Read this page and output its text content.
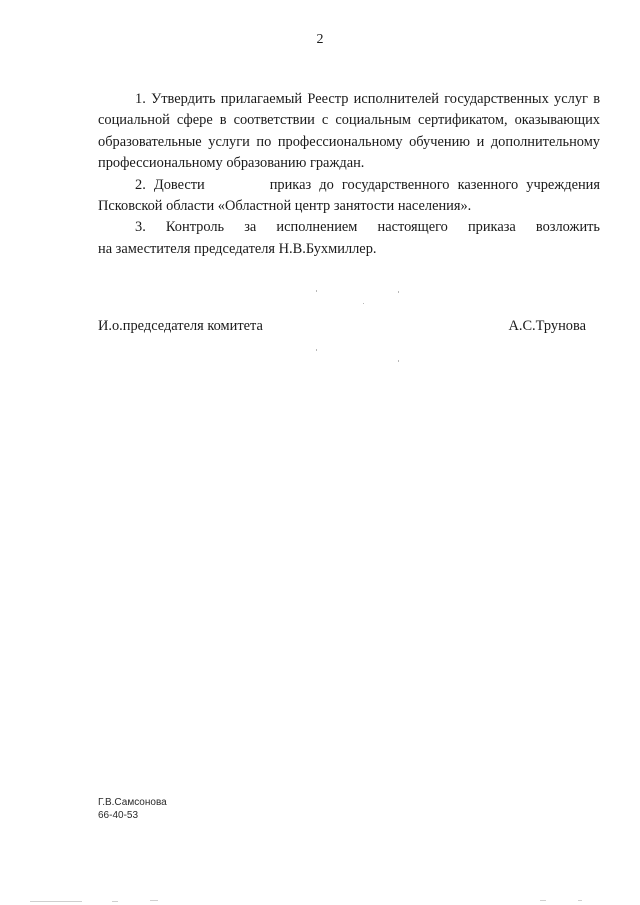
2

1. Утвердить прилагаемый Реестр исполнителей государственных услуг в социальной сфере в соответствии с социальным сертификатом, оказывающих образовательные услуги по профессиональному обучению и дополнительному профессиональному образованию граждан.

2. Довести        приказ до государственного казенного учреждения Псковской области «Областной центр занятости населения».

3. Контроль за исполнением настоящего приказа возложить

на заместителя председателя Н.В.Бухмиллер.

И.о.председателя комитета	А.С.Трунова
Г.В.Самсонова
66-40-53
